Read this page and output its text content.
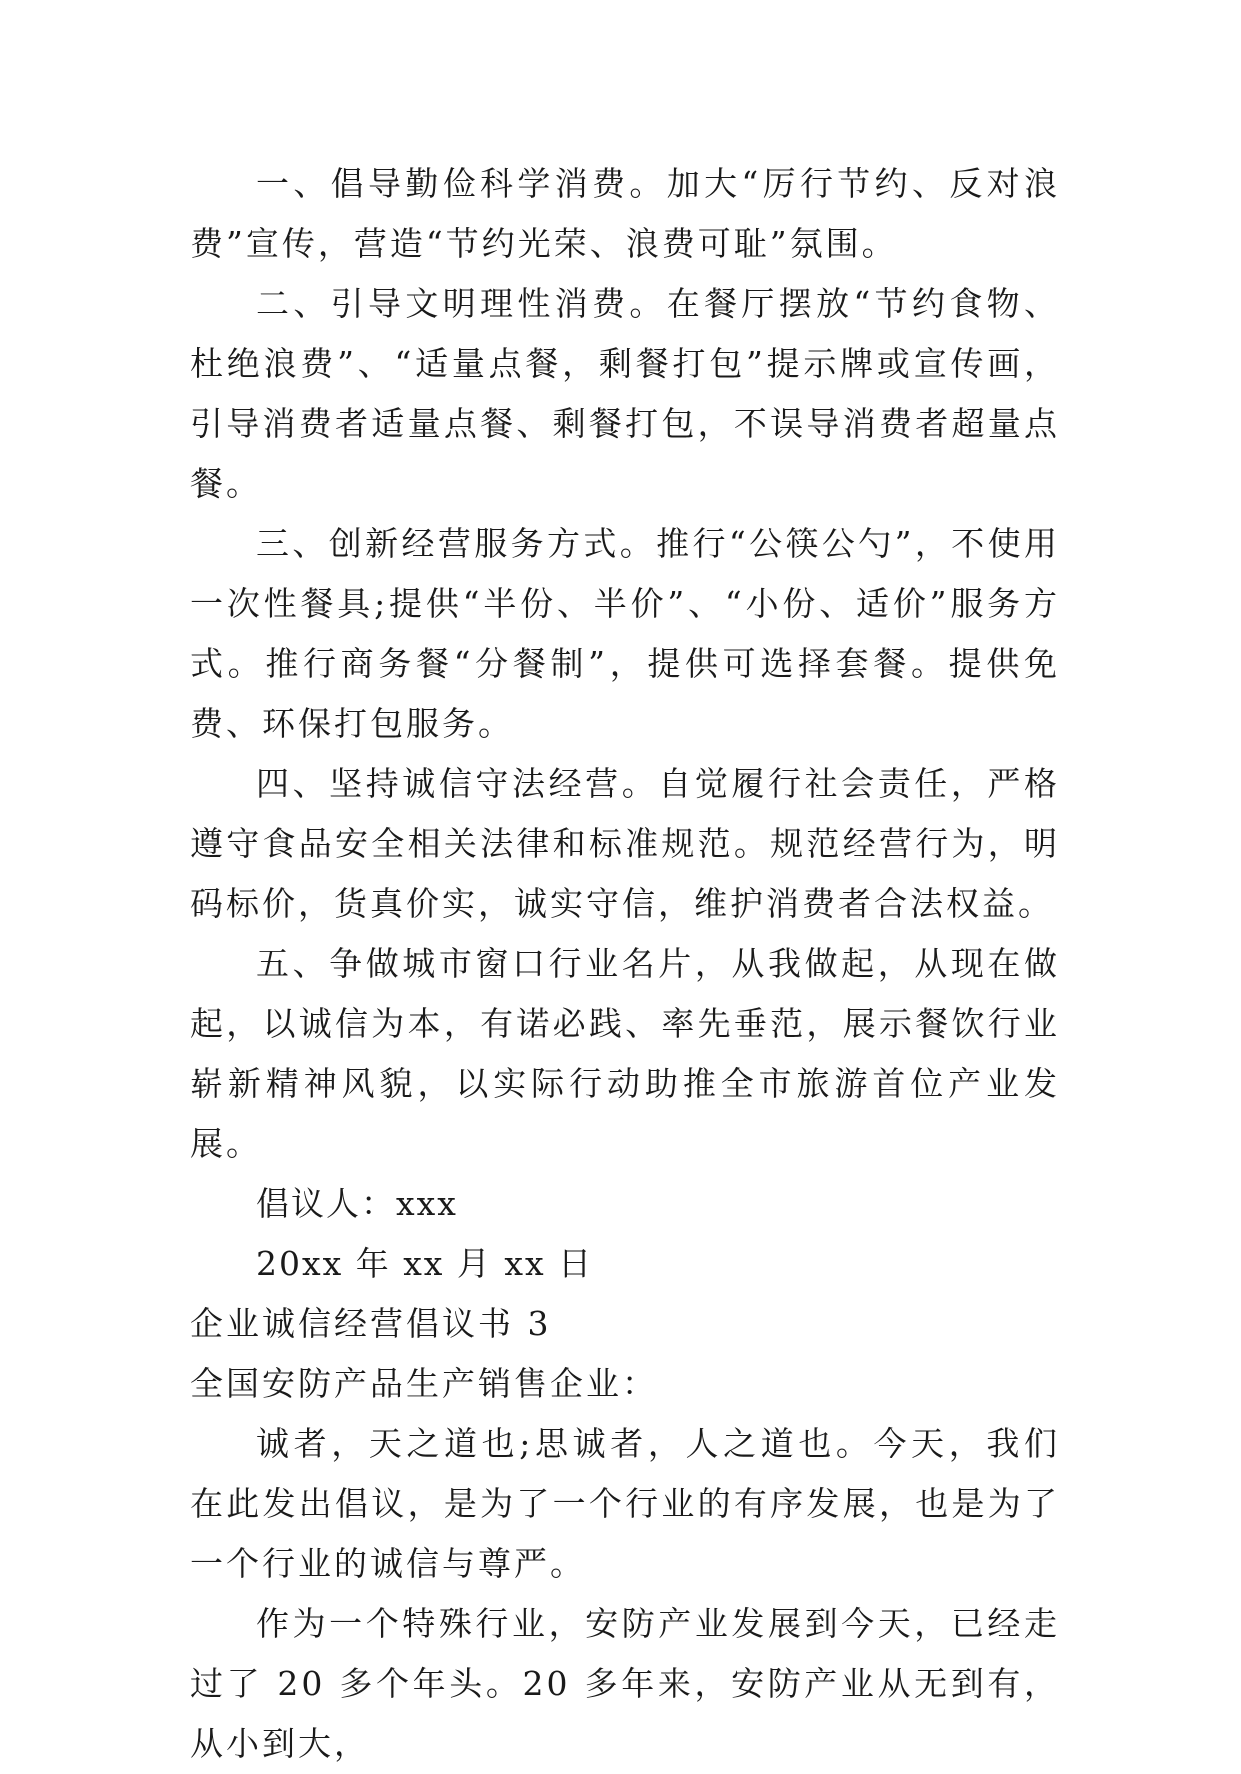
一、倡导勤俭科学消费。加大“厉行节约、反对浪费”宣传，营造“节约光荣、浪费可耻”氛围。

二、引导文明理性消费。在餐厅摆放“节约食物、杜绝浪费”、“适量点餐，剩餐打包”提示牌或宣传画，引导消费者适量点餐、剩餐打包，不误导消费者超量点餐。

三、创新经营服务方式。推行“公筷公勺”，不使用一次性餐具;提供“半份、半价”、“小份、适价”服务方式。推行商务餐“分餐制”，提供可选择套餐。提供免费、环保打包服务。

四、坚持诚信守法经营。自觉履行社会责任，严格遵守食品安全相关法律和标准规范。规范经营行为，明码标价，货真价实，诚实守信，维护消费者合法权益。

五、争做城市窗口行业名片，从我做起，从现在做起，以诚信为本，有诺必践、率先垂范，展示餐饮行业崭新精神风貌，以实际行动助推全市旅游首位产业发展。

倡议人：xxx

20xx 年 xx 月 xx 日

企业诚信经营倡议书 3

全国安防产品生产销售企业：

诚者，天之道也;思诚者，人之道也。今天，我们在此发出倡议，是为了一个行业的有序发展，也是为了一个行业的诚信与尊严。

作为一个特殊行业，安防产业发展到今天，已经走过了 20 多个年头。20 多年来，安防产业从无到有，从小到大，
